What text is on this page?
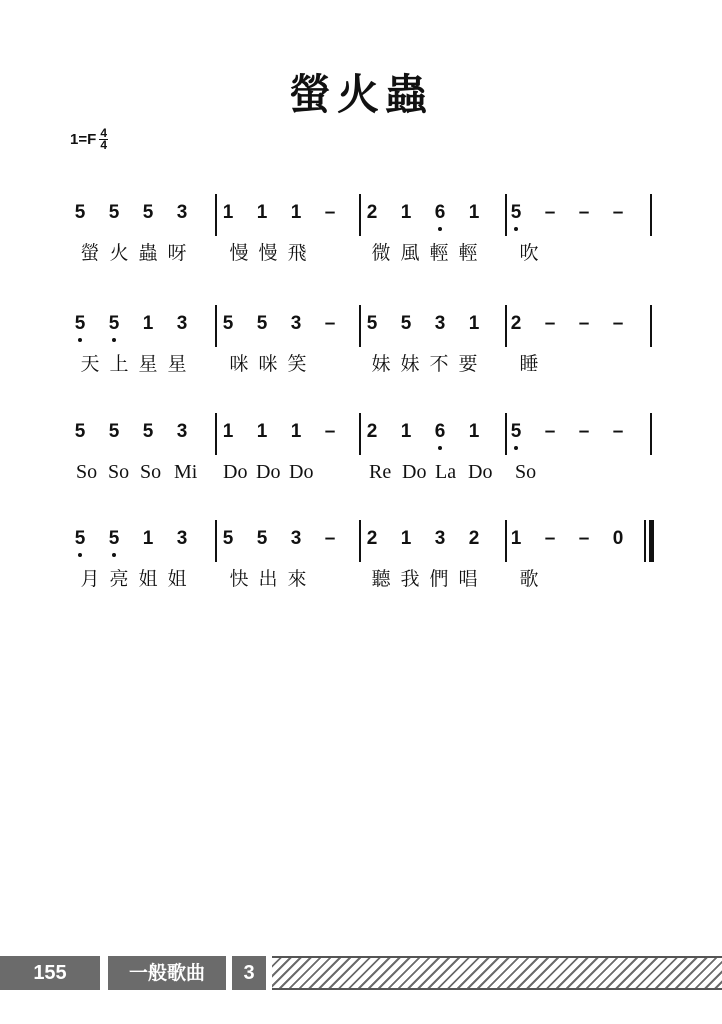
螢火蟲
$1=F \frac{4}{4}$
5 5 5 3 1 1 1 – 2 1 6 1 5 – – –
螢 火 蟲 呀 慢 慢 飛	微 風 輕 輕 吹
5 5 1 3 5 5 3 – 5 5 3 1 2 – – –
天 上 星 星 咪 咪 笑	妹 妹 不 要 睡
5 5 5 3 1 1 1 – 2 1 6 1 5 – – –
So So So Mi Do Do Do	Re Do La Do So
5 5 1 3 5 5 3 – 2 1 3 2 1 – – 0
月 亮 姐 姐 快 出 來	聽 我 們 唱 歌
155	一般歌曲	3
